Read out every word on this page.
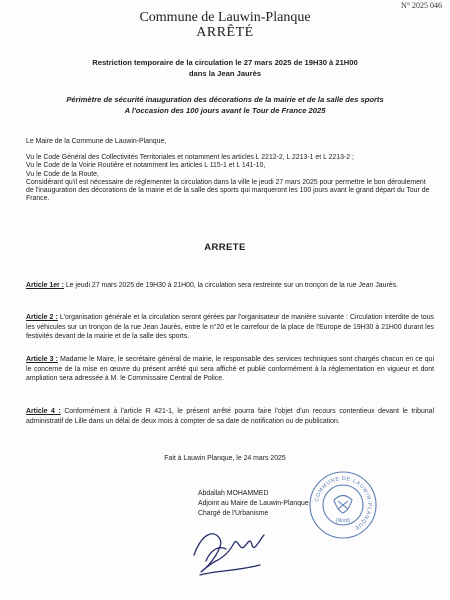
N° 2025 046
Commune de Lauwin-Planque
ARRÊTÉ
Restriction temporaire de la circulation le 27 mars 2025 de 19H30 à 21H00
dans la Jean Jaurès
Périmètre de sécurité inauguration des décorations de la mairie et de la salle des sports
A l'occasion des 100 jours avant le Tour de France 2025
Le Maire de la Commune de Lauwin-Planque,
Vu le Code Général des Collectivités Territoriales et notamment les articles L 2212-2, L 2213-1 et L 2213-2 ;
Vu le Code de la Voirie Routière et notamment les articles L 115-1 et L 141-10,
Vu le Code de la Route,
Considérant qu'il est nécessaire de réglementer la circulation dans la ville le jeudi 27 mars 2025 pour permettre le bon déroulement de l'inauguration des décorations de la mairie et de la salle des sports qui marqueront les 100 jours avant le grand départ du Tour de France.
ARRETE
Article 1er : Le jeudi 27 mars 2025 de 19H30 à 21H00, la circulation sera restreinte sur un tronçon de la rue Jean Jaurès.
Article 2 : L'organisation générale et la circulation seront gérées par l'organisateur de manière suivante : Circulation interdite de tous les véhicules sur un tronçon de la rue Jean Jaurès, entre le n°20 et le carrefour de la place de l'Europe de 19H30 à 21H00 durant les festivités devant de la mairie et de la salle des sports.
Article 3 : Madame le Maire, le secrétaire général de mairie, le responsable des services techniques sont chargés chacun en ce qui le concerne de la mise en œuvre du présent arrêté qui sera affiché et publié conformément à la réglementation en vigueur et dont ampliation sera adressée à M. le Commissaire Central de Police.
Article 4 : Conformément à l'article R 421-1, le présent arrêté pourra faire l'objet d'un recours contentieux devant le tribunal administratif de Lille dans un délai de deux mois à compter de sa date de notification ou de publication.
Fait à Lauwin Planque, le 24 mars 2025
Abdallah MOHAMMED
Adjoint au Maire de Lauwin-Planque
Chargé de l'Urbanisme
COMMUNE DE LAUWIN-PLANQUE
(Nord)
